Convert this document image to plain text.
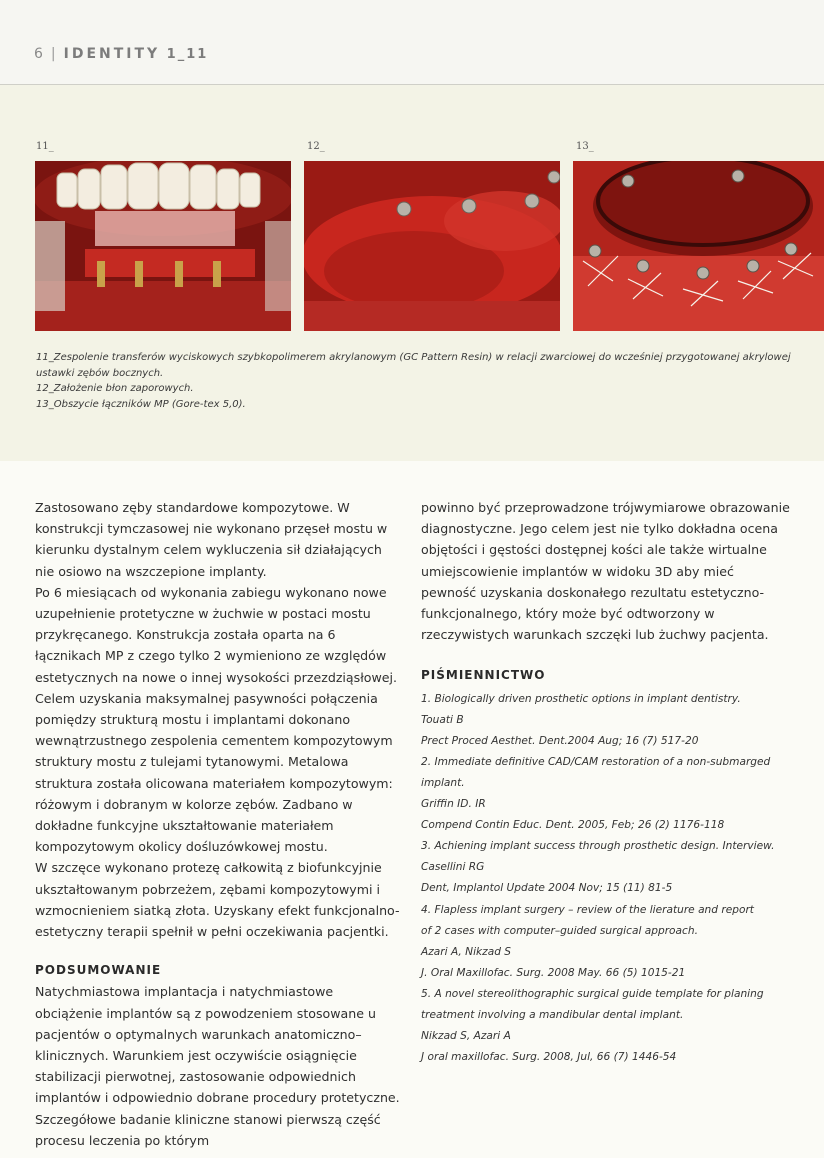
6 | IDENTITY 1_11
11_	12_	13_
11_Zespolenie transferów wyciskowych szybkopolimerem akrylanowym (GC Pattern Resin) w relacji zwarciowej do wcześniej przygotowanej akrylowej
ustawki zębów bocznych.
12_Założenie błon zaporowych.
13_Obszycie łączników MP (Gore-tex 5,0).

Zastosowano zęby standardowe kompozytowe. W konstrukcji tymczasowej nie wykonano przęseł mostu w kierunku dystalnym celem wykluczenia sił działających nie osiowo na wszczepione implanty.

Po 6 miesiącach od wykonania zabiegu wykonano nowe uzupełnienie protetyczne w żuchwie w postaci mostu przykręcanego. Konstrukcja została oparta na 6 łącznikach MP z czego tylko 2 wymieniono ze względów estetycznych na nowe o innej wysokości przezdziąsłowej. Celem uzyskania maksymalnej pasywności połączenia pomiędzy strukturą mostu i implantami dokonano wewnątrzustnego zespolenia cementem kompozytowym struktury mostu z tulejami tytanowymi. Metalowa struktura została olicowana materiałem kompozytowym: różowym i dobranym w kolorze zębów. Zadbano w dokładne funkcyjne ukształtowanie materiałem kompozytowym okolicy dośluzówkowej mostu.

W szczęce wykonano protezę całkowitą z biofunkcyjnie ukształtowanym pobrzeżem, zębami kompozytowymi i wzmocnieniem siatką złota. Uzyskany efekt funkcjonalno-estetyczny terapii spełnił w pełni oczekiwania pacjentki.

PODSUMOWANIE

Natychmiastowa implantacja i natychmiastowe obciążenie implantów są z powodzeniem stosowane u pacjentów o optymalnych warunkach anatomiczno–klinicznych. Warunkiem jest oczywiście osiągnięcie stabilizacji pierwotnej, zastosowanie odpowiednich implantów i odpowiednio dobrane procedury protetyczne. Szczegółowe badanie kliniczne stanowi pierwszą część procesu leczenia po którym

powinno być przeprowadzone trójwymiarowe obrazowanie diagnostyczne. Jego celem jest nie tylko dokładna ocena objętości i gęstości dostępnej kości ale także wirtualne umiejscowienie implantów w widoku 3D aby mieć pewność uzyskania doskonałego rezultatu estetyczno-funkcjonalnego, który może być odtworzony w rzeczywistych warunkach szczęki lub żuchwy pacjenta.

PIŚMIENNICTWO

1. Biologically driven prosthetic options in implant dentistry.
Touati B
Prect Proced Aesthet. Dent.2004 Aug; 16 (7) 517-20
2. Immediate definitive CAD/CAM restoration of a non-submarged
implant.
Griffin ID. IR
Compend Contin Educ. Dent. 2005, Feb; 26 (2) 1176-118
3. Achiening implant success through prosthetic design. Interview.
Casellini RG
Dent, Implantol Update 2004 Nov; 15 (11) 81-5
4. Flapless implant surgery – review of the lierature and report
of 2 cases with computer–guided surgical approach.
Azari A, Nikzad S
J. Oral Maxillofac. Surg. 2008 May. 66 (5) 1015-21
5. A novel stereolithographic surgical guide template for planing
treatment involving a mandibular dental implant.
Nikzad S, Azari A
J oral maxillofac. Surg. 2008, Jul, 66 (7) 1446-54
